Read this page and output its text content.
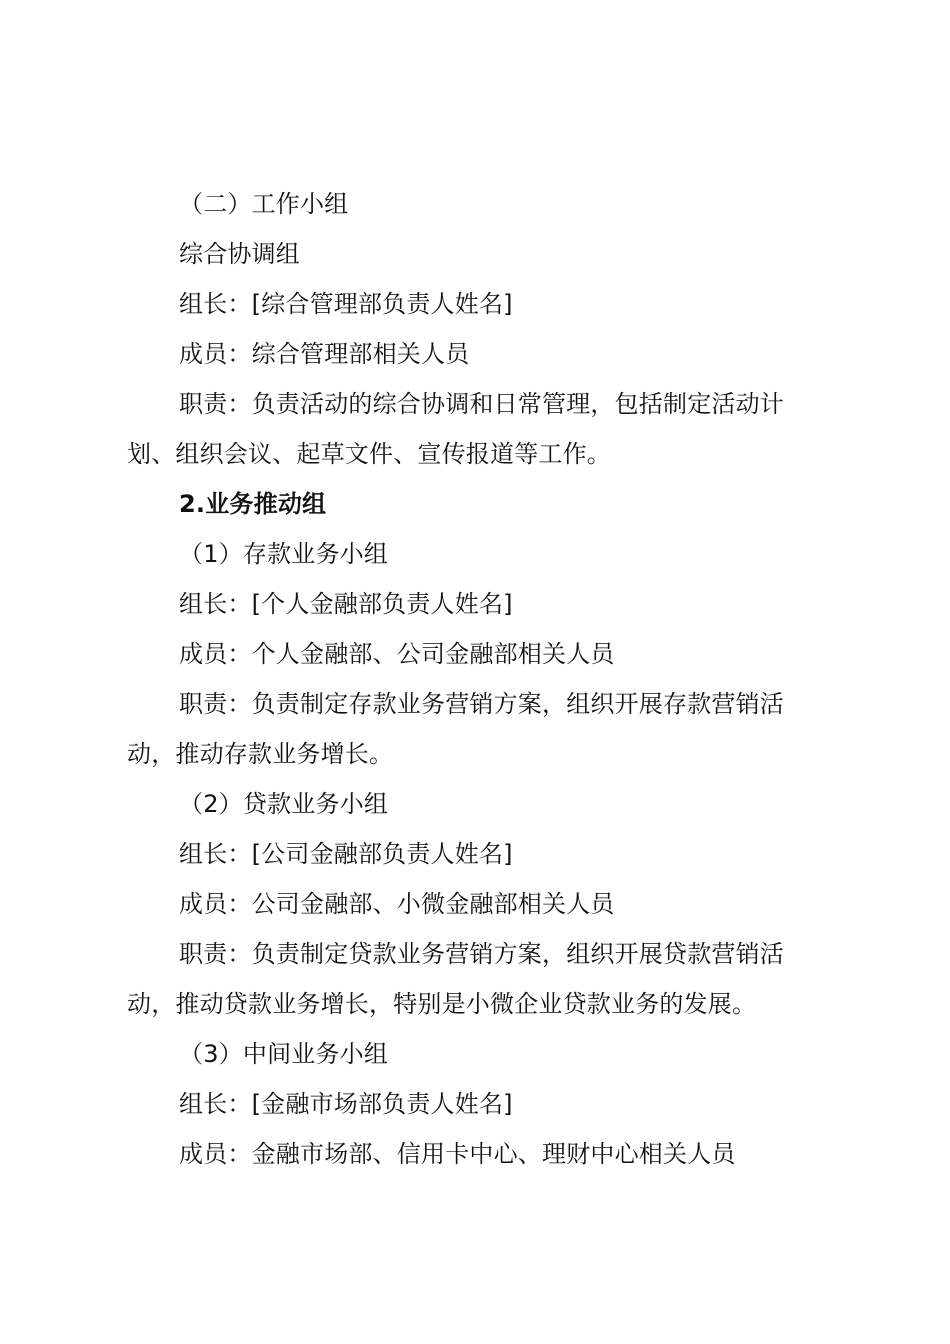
（二）工作小组
综合协调组
组长：[综合管理部负责人姓名]
成员：综合管理部相关人员
职责：负责活动的综合协调和日常管理，包括制定活动计
划、组织会议、起草文件、宣传报道等工作。
2.业务推动组
（1）存款业务小组
组长：[个人金融部负责人姓名]
成员：个人金融部、公司金融部相关人员
职责：负责制定存款业务营销方案，组织开展存款营销活
动，推动存款业务增长。
（2）贷款业务小组
组长：[公司金融部负责人姓名]
成员：公司金融部、小微金融部相关人员
职责：负责制定贷款业务营销方案，组织开展贷款营销活
动，推动贷款业务增长，特别是小微企业贷款业务的发展。
（3）中间业务小组
组长：[金融市场部负责人姓名]
成员：金融市场部、信用卡中心、理财中心相关人员
